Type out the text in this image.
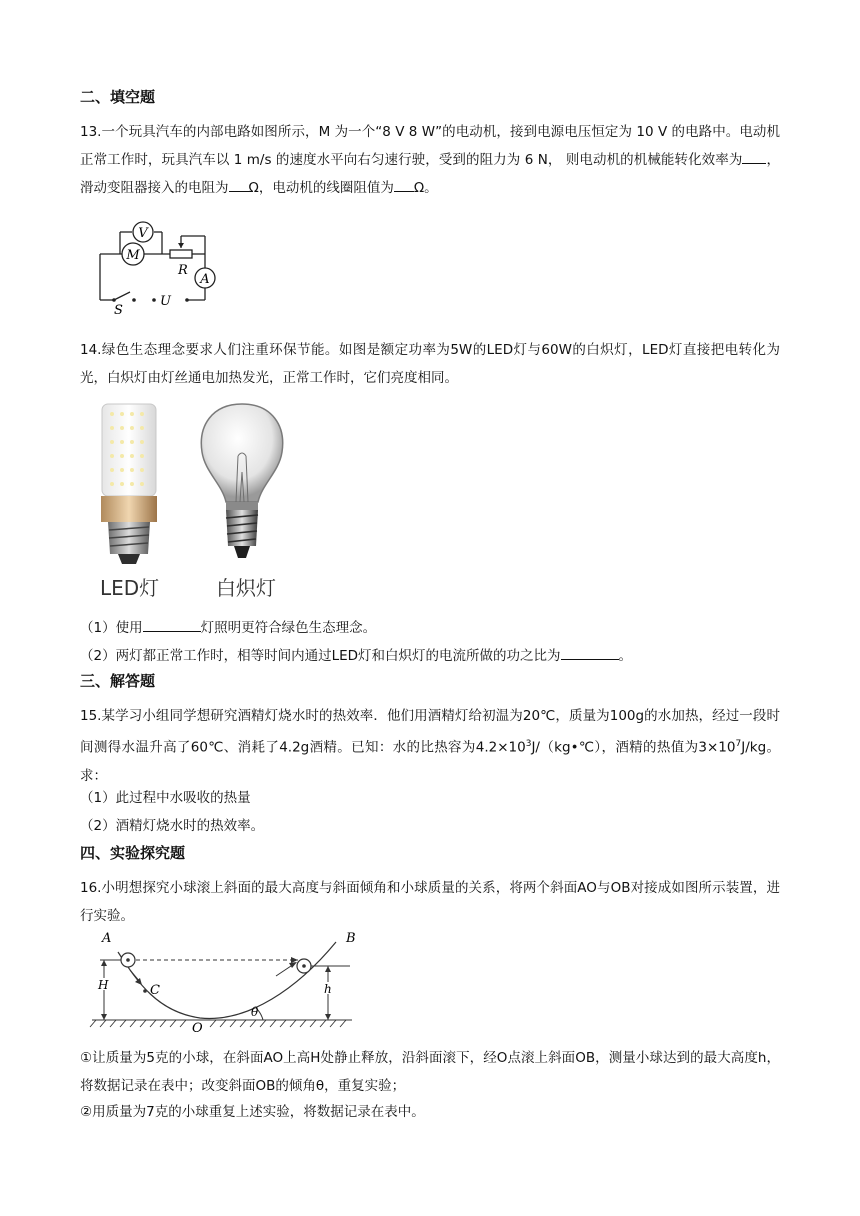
二、填空题
13.一个玩具汽车的内部电路如图所示，M 为一个“8 V 8 W”的电动机，接到电源电压恒定为 10 V 的电路中。电动机正常工作时，玩具汽车以 1 m/s 的速度水平向右匀速行驶，受到的阻力为 6 N， 则电动机的机械能转化效率为 ， 滑动变阻器接入的电阻为 Ω，电动机的线圈阻值为 Ω。
V
M
R
A
S
U
14.绿色生态理念要求人们注重环保节能。如图是额定功率为5W的LED灯与60W的白炽灯，LED灯直接把电转化为光，白炽灯由灯丝通电加热发光，正常工作时，它们亮度相同。
LED灯	白炽灯
（1）使用	灯照明更符合绿色生态理念。
（2）两灯都正常工作时，相等时间内通过LED灯和白炽灯的电流所做的功之比为	。
三、解答题
15.某学习小组同学想研究酒精灯烧水时的热效率．他们用酒精灯给初温为20℃，质量为100g的水加热，经过一段时间测得水温升高了60℃、消耗了4.2g酒精。已知：水的比热容为$4.2\times 10^3J/(kg•℃)$，酒精的热值为$3\times 10^7J/kg$。求：
（1）此过程中水吸收的热量
（2）酒精灯烧水时的热效率。
四、实验探究题
16.小明想探究小球滚上斜面的最大高度与斜面倾角和小球质量的关系，将两个斜面AO与OB对接成如图所示装置，进行实验。
A	B
C
O
H	h
θ
①让质量为5克的小球，在斜面AO上高H处静止释放，沿斜面滚下，经O点滚上斜面OB，测量小球达到的最大高度h，将数据记录在表中；改变斜面OB的倾角θ，重复实验；
②用质量为7克的小球重复上述实验，将数据记录在表中。
